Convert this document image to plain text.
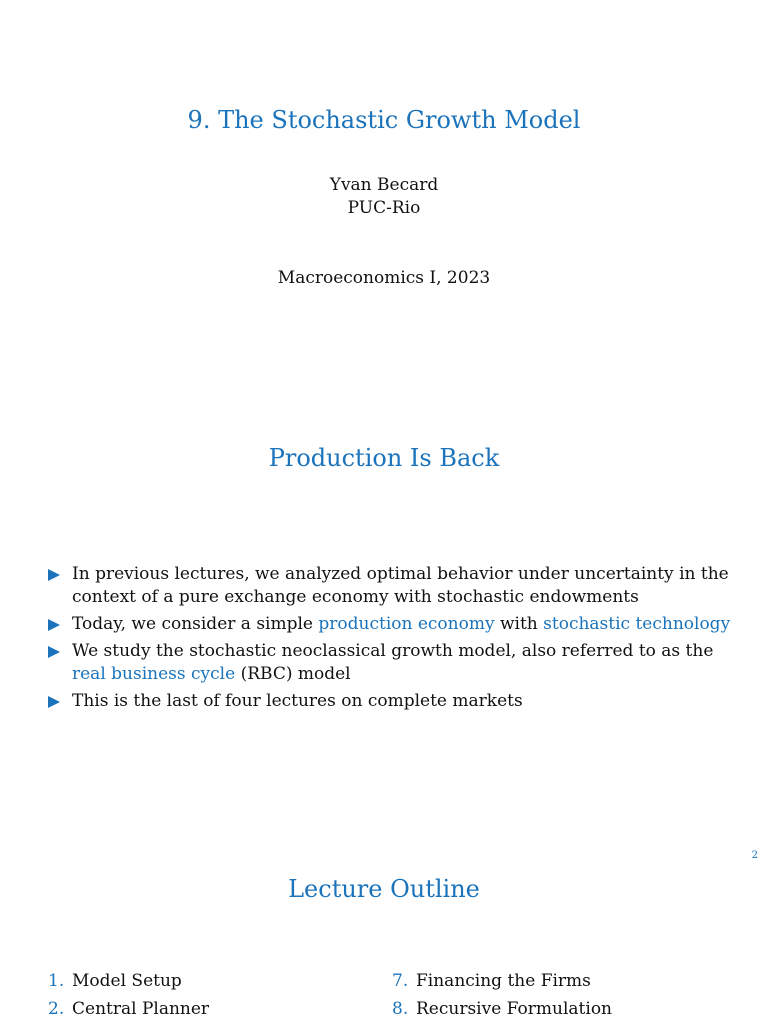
9. The Stochastic Growth Model
Yvan Becard
PUC-Rio
Macroeconomics I, 2023
Production Is Back
In previous lectures, we analyzed optimal behavior under uncertainty in the
context of a pure exchange economy with stochastic endowments
Today, we consider a simple production economy with stochastic technology
We study the stochastic neoclassical growth model, also referred to as the
real business cycle (RBC) model
This is the last of four lectures on complete markets
2
Lecture Outline
1. Model Setup
2. Central Planner
7. Financing the Firms
8. Recursive Formulation
